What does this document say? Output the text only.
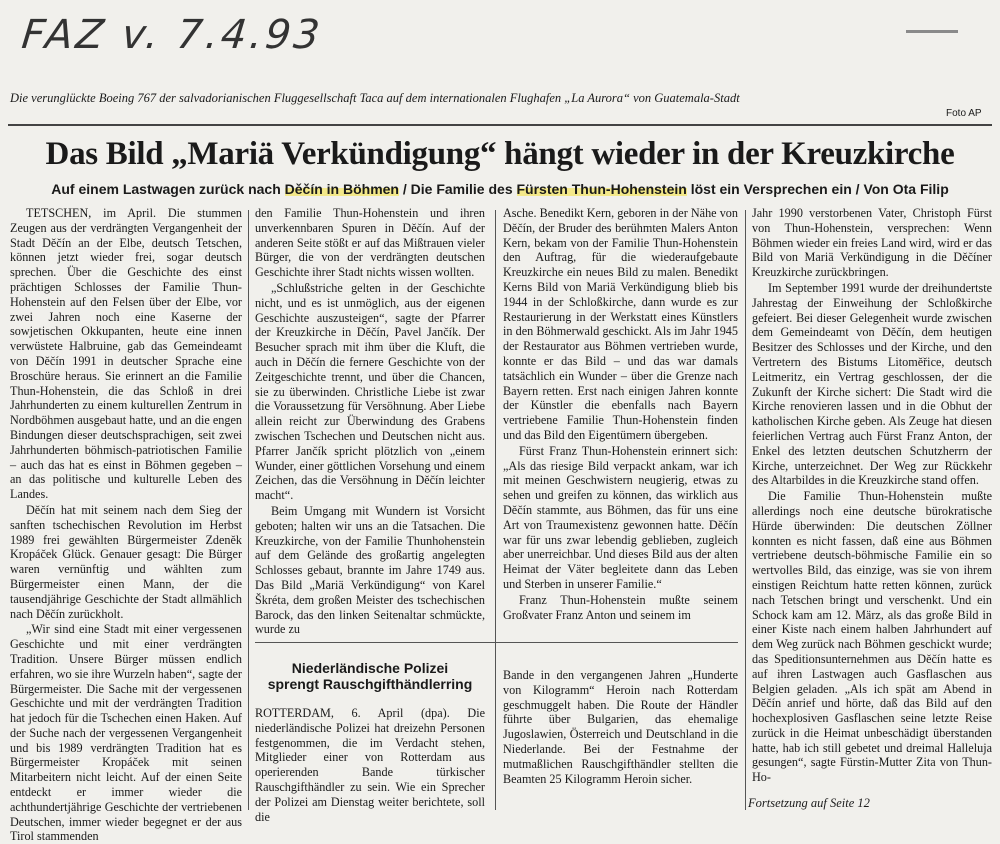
FAZ v. 7.4.93
Die verunglückte Boeing 767 der salvadorianischen Fluggesellschaft Taca auf dem internationalen Flughafen „La Aurora“ von Guatemala-Stadt
Foto AP
Das Bild „Mariä Verkündigung“ hängt wieder in der Kreuzkirche
Auf einem Lastwagen zurück nach Děčín in Böhmen / Die Familie des Fürsten Thun-Hohenstein löst ein Versprechen ein / Von Ota Filip

TETSCHEN, im April. Die stummen Zeugen aus der verdrängten Vergangenheit der Stadt Děčín an der Elbe, deutsch Tetschen, können jetzt wieder frei, sogar deutsch sprechen. Über die Geschichte des einst prächtigen Schlosses der Familie Thun-Hohenstein auf den Felsen über der Elbe, vor zwei Jahren noch eine Kaserne der sowjetischen Okkupanten, heute eine innen verwüstete Halbruine, gab das Gemeindeamt von Děčín 1991 in deutscher Sprache eine Broschüre heraus. Sie erinnert an die Familie Thun-Hohenstein, die das Schloß in drei Jahrhunderten zu einem kulturellen Zentrum in Nordböhmen ausgebaut hatte, und an die engen Bindungen dieser deutschsprachigen, seit zwei Jahrhunderten böhmisch-patriotischen Familie – auch das hat es einst in Böhmen gegeben – an das politische und kulturelle Leben des Landes.

Děčín hat mit seinem nach dem Sieg der sanften tschechischen Revolution im Herbst 1989 frei gewählten Bürgermeister Zdeněk Kropáček Glück. Genauer gesagt: Die Bürger waren vernünftig und wählten zum Bürgermeister einen Mann, der die tausendjährige Geschichte der Stadt allmählich nach Děčín zurückholt.

„Wir sind eine Stadt mit einer vergessenen Geschichte und mit einer verdrängten Tradition. Unsere Bürger müssen endlich erfahren, wo sie ihre Wurzeln haben“, sagte der Bürgermeister. Die Sache mit der vergessenen Geschichte und mit der verdrängten Tradition hat jedoch für die Tschechen einen Haken. Auf der Suche nach der vergessenen Vergangenheit und bis 1989 verdrängten Tradition hat es Bürgermeister Kropáček mit seinen Mitarbeitern nicht leicht. Auf der einen Seite entdeckt er immer wieder die achthundertjährige Geschichte der vertriebenen Deutschen, immer wieder begegnet er der aus Tirol stammenden

den Familie Thun-Hohenstein und ihren unverkennbaren Spuren in Děčín. Auf der anderen Seite stößt er auf das Mißtrauen vieler Bürger, die von der verdrängten deutschen Geschichte ihrer Stadt nichts wissen wollten.

„Schlußstriche gelten in der Geschichte nicht, und es ist unmöglich, aus der eigenen Geschichte auszusteigen“, sagte der Pfarrer der Kreuzkirche in Děčín, Pavel Jančík. Der Besucher sprach mit ihm über die Kluft, die auch in Děčín die fernere Geschichte von der Zeitgeschichte trennt, und über die Chancen, sie zu überwinden. Christliche Liebe ist zwar die Voraussetzung für Versöhnung. Aber Liebe allein reicht zur Überwindung des Grabens zwischen Tschechen und Deutschen nicht aus. Pfarrer Jančík spricht plötzlich von „einem Wunder, einer göttlichen Vorsehung und einem Zeichen, das die Versöhnung in Děčín leichter macht“.

Beim Umgang mit Wundern ist Vorsicht geboten; halten wir uns an die Tatsachen. Die Kreuzkirche, von der Familie Thunhohenstein auf dem Gelände des großartig angelegten Schlosses gebaut, brannte im Jahre 1749 aus. Das Bild „Mariä Verkündigung“ von Karel Škréta, dem großen Meister des tschechischen Barock, das den linken Seitenaltar schmückte, wurde zu

Asche. Benedikt Kern, geboren in der Nähe von Děčín, der Bruder des berühmten Malers Anton Kern, bekam von der Familie Thun-Hohenstein den Auftrag, für die wiederaufgebaute Kreuzkirche ein neues Bild zu malen. Benedikt Kerns Bild von Mariä Verkündigung blieb bis 1944 in der Schloßkirche, dann wurde es zur Restaurierung in der Werkstatt eines Künstlers in den Böhmerwald geschickt. Als im Jahr 1945 der Restaurator aus Böhmen vertrieben wurde, konnte er das Bild – und das war damals tatsächlich ein Wunder – über die Grenze nach Bayern retten. Erst nach einigen Jahren konnte der Künstler die ebenfalls nach Bayern vertriebene Familie Thun-Hohenstein finden und das Bild den Eigentümern übergeben.

Fürst Franz Thun-Hohenstein erinnert sich: „Als das riesige Bild verpackt ankam, war ich mit meinen Geschwistern neugierig, etwas zu sehen und greifen zu können, das wirklich aus Děčín stammte, aus Böhmen, das für uns eine Art von Traumexistenz gewonnen hatte. Děčín war für uns zwar lebendig geblieben, zugleich aber unerreichbar. Und dieses Bild aus der alten Heimat der Väter begleitete dann das Leben und Sterben in unserer Familie.“

Franz Thun-Hohenstein mußte seinem Großvater Franz Anton und seinem im

Jahr 1990 verstorbenen Vater, Christoph Fürst von Thun-Hohenstein, versprechen: Wenn Böhmen wieder ein freies Land wird, wird er das Bild von Mariä Verkündigung in die Děčíner Kreuzkirche zurückbringen.

Im September 1991 wurde der dreihundertste Jahrestag der Einweihung der Schloßkirche gefeiert. Bei dieser Gelegenheit wurde zwischen dem Gemeindeamt von Děčín, dem heutigen Besitzer des Schlosses und der Kirche, und den Vertretern des Bistums Litoměřice, deutsch Leitmeritz, ein Vertrag geschlossen, der die Zukunft der Kirche sichert: Die Stadt wird die Kirche renovieren lassen und in die Obhut der katholischen Kirche geben. Als Zeuge hat diesen feierlichen Vertrag auch Fürst Franz Anton, der Enkel des letzten deutschen Schutzherrn der Kirche, unterzeichnet. Der Weg zur Rückkehr des Altarbildes in die Kreuzkirche stand offen.

Die Familie Thun-Hohenstein mußte allerdings noch eine deutsche bürokratische Hürde überwinden: Die deutschen Zöllner konnten es nicht fassen, daß eine aus Böhmen vertriebene deutsch-böhmische Familie ein so wertvolles Bild, das einzige, was sie von ihrem einstigen Reichtum hatte retten können, zurück nach Tetschen bringt und verschenkt. Und ein Schock kam am 12. März, als das große Bild in einer Kiste nach einem halben Jahrhundert auf dem Weg zurück nach Böhmen geschickt wurde; das Speditionsunternehmen aus Děčín hatte es auf ihren Lastwagen auch Gasflaschen aus Belgien geladen. „Als ich spät am Abend in Děčín anrief und hörte, daß das Bild auf den hochexplosiven Gasflaschen seine letzte Reise zurück in die Heimat unbeschädigt überstanden hatte, hab ich still gebetet und dreimal Halleluja gesungen“, sagte Fürstin-Mutter Zita von Thun-Ho-

Niederländische Polizei
sprengt Rauschgifthändlerring

ROTTERDAM, 6. April (dpa). Die niederländische Polizei hat dreizehn Personen festgenommen, die im Verdacht stehen, Mitglieder einer von Rotterdam aus operierenden Bande türkischer Rauschgifthändler zu sein. Wie ein Sprecher der Polizei am Dienstag weiter berichtete, soll die

Bande in den vergangenen Jahren „Hunderte von Kilogramm“ Heroin nach Rotterdam geschmuggelt haben. Die Route der Händler führte über Bulgarien, das ehemalige Jugoslawien, Österreich und Deutschland in die Niederlande. Bei der Festnahme der mutmaßlichen Rauschgifthändler stellten die Beamten 25 Kilogramm Heroin sicher.

Fortsetzung auf Seite 12
